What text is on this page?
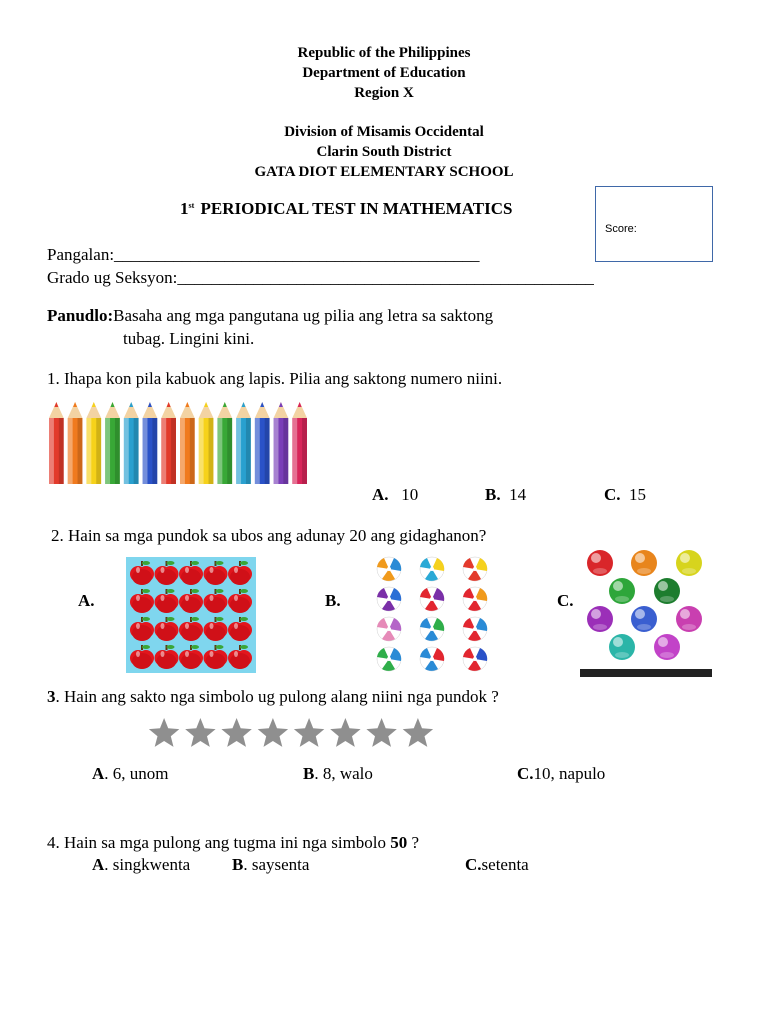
Republic of the Philippines
Department of Education
Region X
Division of Misamis Occidental
Clarin South District
GATA DIOT ELEMENTARY SCHOOL
1st PERIODICAL TEST IN MATHEMATICS
Score:
Pangalan:___________________________________________
Grado ug Seksyon:_________________________________________________
Panudlo:Basaha ang mga pangutana ug pilia ang letra sa saktong
tubag. Lingini kini.
1. Ihapa kon pila kabuok ang lapis. Pilia ang saktong numero niini.
A. 10	B. 14	C. 15
2. Hain sa mga pundok sa ubos ang adunay 20 ang gidaghanon?
A.	B.	C.
3. Hain ang sakto nga simbolo ug pulong alang niini nga pundok ?
A. 6, unom	B. 8, walo	C.10, napulo
4. Hain sa mga pulong ang tugma ini nga simbolo 50 ?
A. singkwenta B. saysenta	C.setenta
